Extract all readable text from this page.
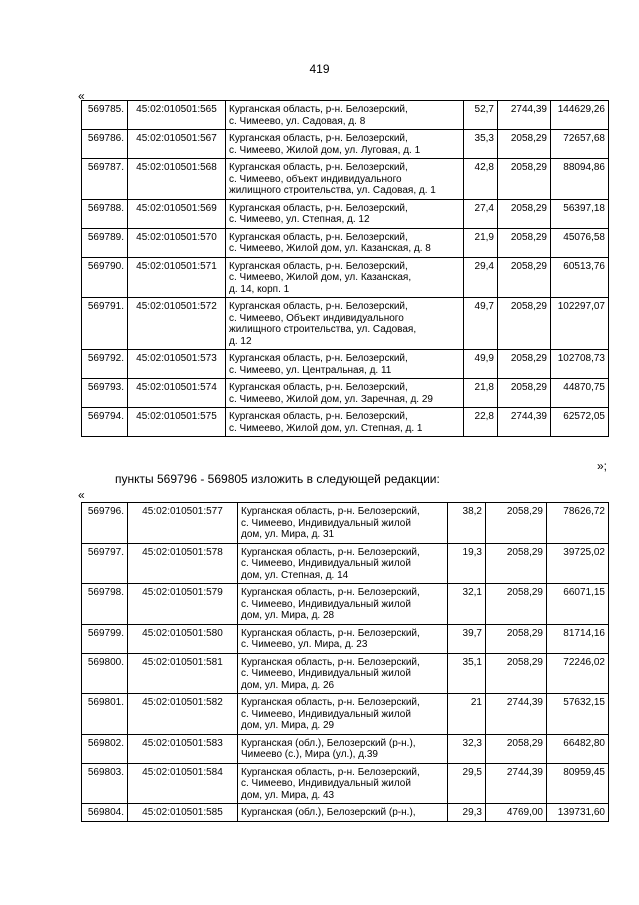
419
«
569785.	45:02:010501:565	Курганская область, р-н. Белозерский,
с. Чимеево, ул. Садовая, д. 8	52,7	2744,39	144629,26
569786.	45:02:010501:567	Курганская область, р-н. Белозерский,
с. Чимеево, Жилой дом, ул. Луговая, д. 1	35,3	2058,29	72657,68
569787.	45:02:010501:568	Курганская область, р-н. Белозерский,
с. Чимеево, объект индивидуального
жилищного строительства, ул. Садовая, д. 1	42,8	2058,29	88094,86
569788.	45:02:010501:569	Курганская область, р-н. Белозерский,
с. Чимеево, ул. Степная, д. 12	27,4	2058,29	56397,18
569789.	45:02:010501:570	Курганская область, р-н. Белозерский,
с. Чимеево, Жилой дом, ул. Казанская, д. 8	21,9	2058,29	45076,58
569790.	45:02:010501:571	Курганская область, р-н. Белозерский,
с. Чимеево, Жилой дом, ул. Казанская,
д. 14, корп. 1	29,4	2058,29	60513,76
569791.	45:02:010501:572	Курганская область, р-н. Белозерский,
с. Чимеево, Объект индивидуального
жилищного строительства, ул. Садовая,
д. 12	49,7	2058,29	102297,07
569792.	45:02:010501:573	Курганская область, р-н. Белозерский,
с. Чимеево, ул. Центральная, д. 11	49,9	2058,29	102708,73
569793.	45:02:010501:574	Курганская область, р-н. Белозерский,
с. Чимеево, Жилой дом, ул. Заречная, д. 29	21,8	2058,29	44870,75
569794.	45:02:010501:575	Курганская область, р-н. Белозерский,
с. Чимеево, Жилой дом, ул. Степная, д. 1	22,8	2744,39	62572,05
»;
пункты 569796 - 569805 изложить в следующей редакции:
«
569796.	45:02:010501:577	Курганская область, р-н. Белозерский,
с. Чимеево, Индивидуальный жилой
дом, ул. Мира, д. 31	38,2	2058,29	78626,72
569797.	45:02:010501:578	Курганская область, р-н. Белозерский,
с. Чимеево, Индивидуальный жилой
дом, ул. Степная, д. 14	19,3	2058,29	39725,02
569798.	45:02:010501:579	Курганская область, р-н. Белозерский,
с. Чимеево, Индивидуальный жилой
дом, ул. Мира, д. 28	32,1	2058,29	66071,15
569799.	45:02:010501:580	Курганская область, р-н. Белозерский,
с. Чимеево, ул. Мира, д. 23	39,7	2058,29	81714,16
569800.	45:02:010501:581	Курганская область, р-н. Белозерский,
с. Чимеево, Индивидуальный жилой
дом, ул. Мира, д. 26	35,1	2058,29	72246,02
569801.	45:02:010501:582	Курганская область, р-н. Белозерский,
с. Чимеево, Индивидуальный жилой
дом, ул. Мира, д. 29	21	2744,39	57632,15
569802.	45:02:010501:583	Курганская (обл.), Белозерский (р-н.),
Чимеево (с.), Мира (ул.), д.39	32,3	2058,29	66482,80
569803.	45:02:010501:584	Курганская область, р-н. Белозерский,
с. Чимеево, Индивидуальный жилой
дом, ул. Мира, д. 43	29,5	2744,39	80959,45
569804.	45:02:010501:585	Курганская (обл.), Белозерский (р-н.),	29,3	4769,00	139731,60
